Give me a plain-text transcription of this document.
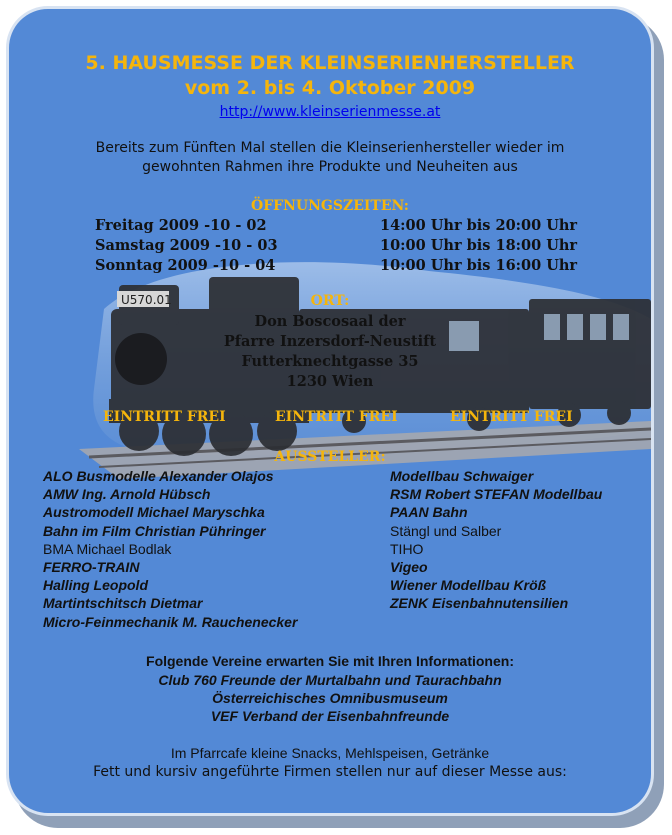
U570.01
5. HAUSMESSE DER KLEINSERIENHERSTELLER
vom 2. bis 4. Oktober 2009
http://www.kleinserienmesse.at
Bereits zum Fünften Mal stellen die Kleinserienhersteller wieder im
gewohnten Rahmen ihre Produkte und Neuheiten aus
ÖFFNUNGSZEITEN:
Freitag 2009 -10 - 02	14:00 Uhr bis 20:00 Uhr
Samstag 2009 -10 - 03	10:00 Uhr bis 18:00 Uhr
Sonntag 2009 -10 - 04	10:00 Uhr bis 16:00 Uhr
ORT:
Don Boscosaal der
Pfarre Inzersdorf-Neustift
Futterknechtgasse 35
1230 Wien
EINTRITT FREI	EINTRITT FREI	EINTRITT FREI
AUSSTELLER:
ALO Busmodelle Alexander Olajos
AMW Ing. Arnold Hübsch
Austromodell Michael Maryschka
Bahn im Film Christian Pühringer
BMA Michael Bodlak
FERRO-TRAIN
Halling Leopold
Martintschitsch Dietmar
Micro-Feinmechanik M. Rauchenecker
Modellbau Schwaiger
RSM Robert STEFAN Modellbau
PAAN Bahn
Stängl und Salber
TIHO
Vigeo
Wiener Modellbau Kröß
ZENK Eisenbahnutensilien
Folgende Vereine erwarten Sie mit Ihren Informationen:
Club 760 Freunde der Murtalbahn und Taurachbahn
Österreichisches Omnibusmuseum
VEF Verband der Eisenbahnfreunde
Im Pfarrcafe kleine Snacks, Mehlspeisen, Getränke
Fett und kursiv angeführte Firmen stellen nur auf dieser Messe aus:
